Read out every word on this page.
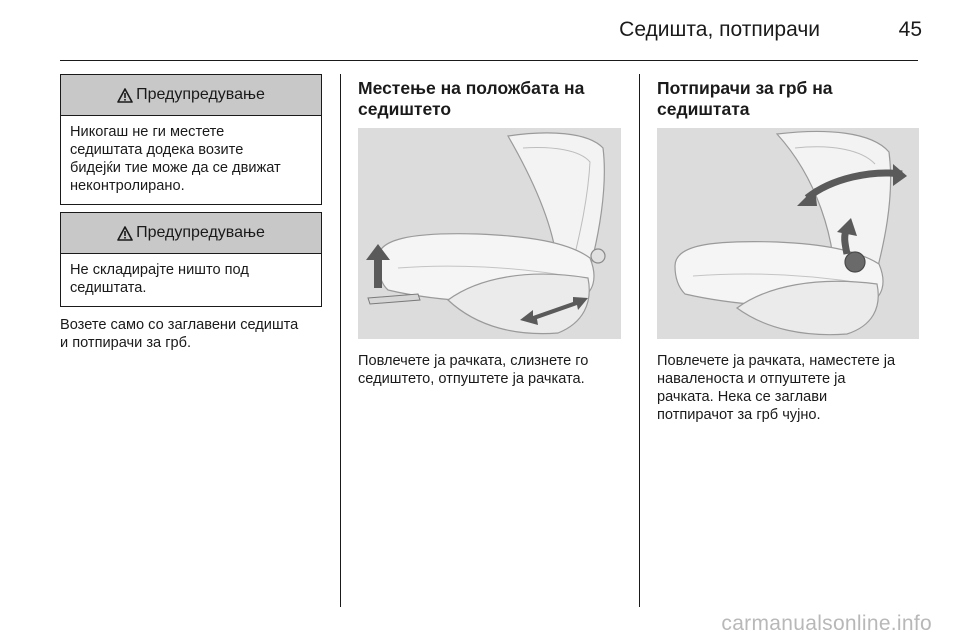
Седишта, потпирачи	45
Предупредување
Никогаш не ги местете
седиштата додека возите
бидејќи тие може да се движат
неконтролирано.
Предупредување
Не складирајте ништо под
седиштата.
Возете само со заглавени седишта
и потпирачи за грб.
Местење на положбата на
седиштето
Повлечете ја рачката, слизнете го
седиштето, отпуштете ја рачката.
Потпирачи за грб на
седиштата
Повлечете ја рачката, наместете ја
наваленоста и отпуштете ја
рачката. Нека се заглави
потпирачот за грб чујно.
carmanualsonline.info
